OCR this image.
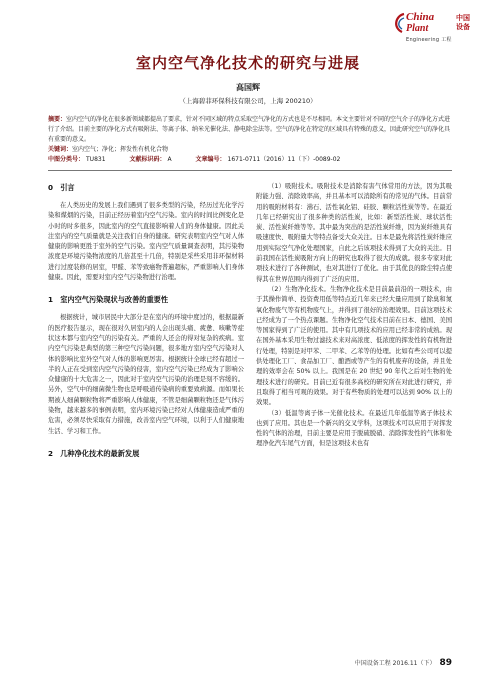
China
Plant
中国
设备
Engineering 工程
室内空气净化技术的研究与进展
高国辉
（上海碧菲环保科技有限公司，上海 200210）
摘要：室内空气的净化在很多新领域都提出了要求，针对不同区域的特点采取空气净化的方式也是不尽相同。本文主要针对不同的空气介子的净化方式进行了介绍。目前主要的净化方式有吸附法、等离子体、纳米光催化法、静电除尘法等。空气的净化在特定的区域具有特殊的意义，因此研究空气的净化具有重要的意义。
关键词：室内空气；净化；挥发性有机化合物
中图分类号： TU831	文献标识码： A	文章编号： 1671-0711（2016）11（下）-0089-02
0　引言

在人类历史的发展上我们遇到了很多类型的污染，经历过光化学污染和煤烟的污染，目前正经历着室内空气污染。室内的时间比例变化是小时的时多很多，因此室内的空气直接影响着人们的身体健康。因此关注室内的空气质量就是关注我们自身的健康。研究表明室内空气对人体健康的影响更胜于室外的空气污染。室内空气质量调查表明，其污染物浓度是环境污染物浓度的几倍甚至十几倍，特别是采些采用非环保材料进行过度装修的居室，甲醛、苯等致癌物普遍超标，严重影响人们身体健康。因此，需要对室内空气污染物进行治理。

1　室内空气污染现状与改善的重要性

根据统计，城市居民中大部分是在室内的环境中度过的，根据最新的医疗报告显示，现在很对久居室内的人会出现头痛、疲惫、咳嗽等症状这本都与室内空气的污染有关。严重的人还会的得对复杂的疾病。室内空气污染是典型的第三种空气污染问题，很多地方室内空气污染对人体的影响比室外空气对人体的影响更厉害。根据统计全球已经有超过一半的人正在受到室内空气污染的侵害，室内空气污染已经成为了影响公众健康的十大危害之一，因此对于室内空气污染的治理是刻不容缓的。另外，空气中的细菌微生物也是呼吸道传染病的重要致病源。而如果长期被人细菌颗粒物将严重影响人体健康，不管是细菌颗粒物还是气体污染物，越来越多的事例表明，室内环境污染已经对人体健康造成严重的危害，必须尽快采取有力措施，改善室内空气环境，以利于人们健康地生活、学习和工作。

2　几种净化技术的最新发展

（1）吸附技术。吸附技术是消除有害气体常用的方法，因为其吸附能力强、消除效率高，并且基本可以消除所有的常见的气体。目前常用的吸附材料有：沸石、活性氧化铝、硅胶、颗粒活性炭等等。在最近几年已经研究出了很多种类的活性炭，比如：新型活性炭、球状活性炭、活性炭纤维等等。其中最为突出的是活性炭纤维，因为炭纤维具有吸速度快、吸附量大等特点备受大众关注。日本是最先将活性炭纤维应用到实际空气净化处理国家，自此之后该项技术得到了大众的关注。目前我国在活性炭吸附方向上的研究也取得了很大的成就。很多专家对此项技术进行了各种测试，也对其进行了优化。由于其优良的除尘特点使得其在世界范围内得到了广泛的应用。

（2）生物净化技术。生物净化技术是目前最前沿的一项技术，由于其操作简单、投资费用低等特点近几年来已经大量应用到了除臭和氮氧化物废气等有机物废气上，并得到了很好的治理效果。目前这项技术已经成为了一个热点课题。生物净化空气技术目前在日本、德国、美国等国家得到了广泛的使用。其中有几项技术的应用已经非常的成熟。现在国外基本采用生物过滤技术来对高浓度、低浓度的挥发性的有机物进行处理，特别是对甲苯、二甲苯、乙苯等的处理。比如有些公司可以提供处理化工厂、食品加工厂、酿酒或等产生的有机废弃的设备，并且处理的效率会在 50% 以上。我国是在 20 世纪 90 年代之后对生物的处理技术进行的研究。目前已近有很多高校的研究所在对此进行研究，并且取得了相当可观的效果。对于有些物质的处理可以达到 90% 以上的效果。

（3）低温等离子体一光催化技术。在最近几年低温等离子体技术也到了应用。其也是一个新兴的交叉学科，这项技术可以应用于对挥发性的气体的治理，目前主要是应用于脱硫脱硝、消除挥发性的气体和处理净化汽车尾气方面，但是这项技术也有

中国设备工程 2016.11（下） 89
